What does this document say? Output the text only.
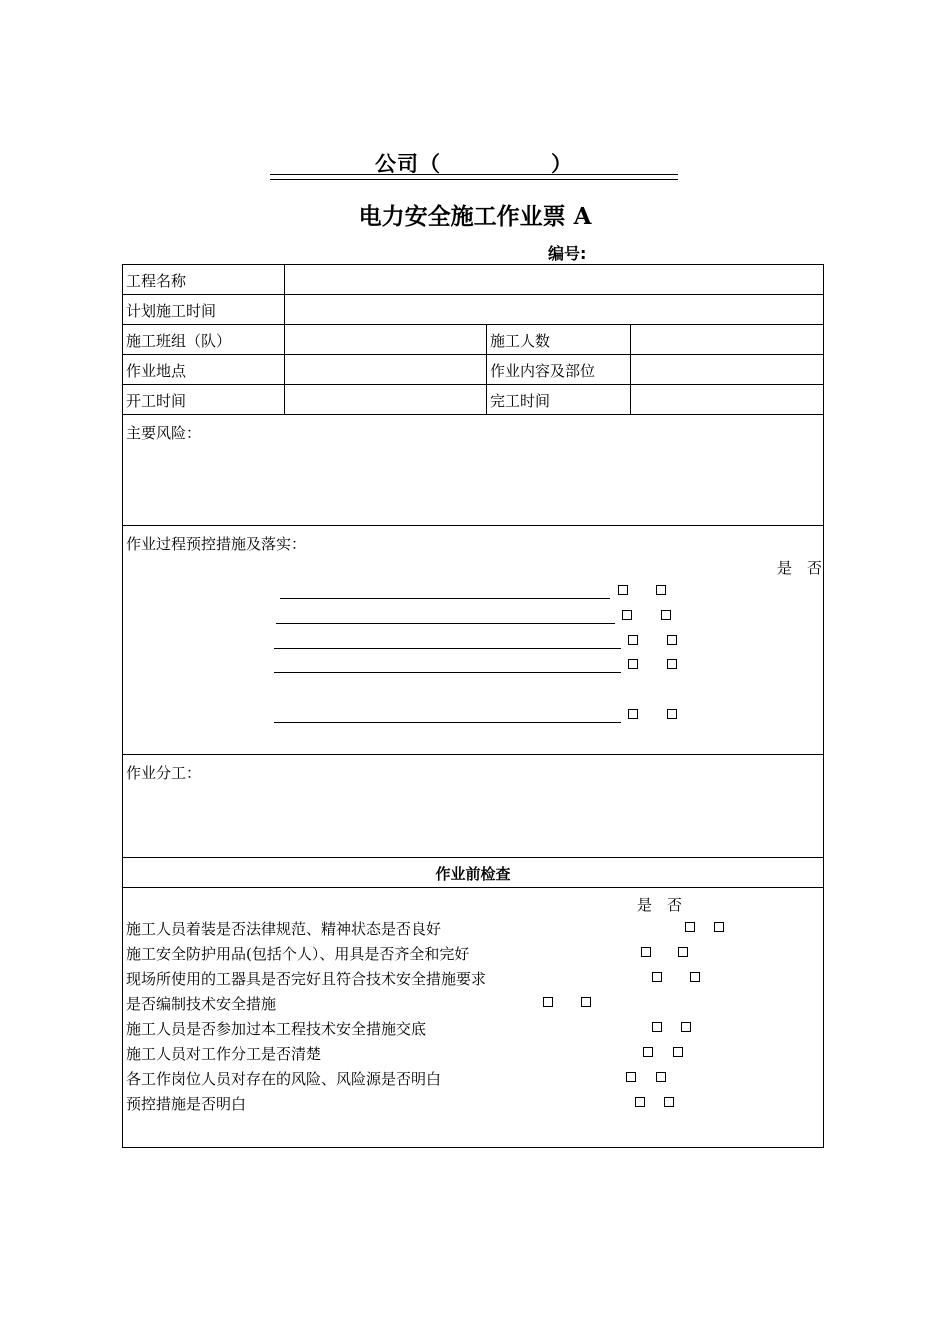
公司（　　　　　）
电力安全施工作业票 A
编号:
工程名称
计划施工时间
施工班组（队）	施工人数
作业地点	作业内容及部位
开工时间	完工时间
主要风险：
作业过程预控措施及落实：
是　否
作业分工：
作业前检查
是　否
施工人员着装是否法律规范、精神状态是否良好
施工安全防护用品(包括个人）、用具是否齐全和完好
现场所使用的工器具是否完好且符合技术安全措施要求
是否编制技术安全措施
施工人员是否参加过本工程技术安全措施交底
施工人员对工作分工是否清楚
各工作岗位人员对存在的风险、风险源是否明白
预控措施是否明白
